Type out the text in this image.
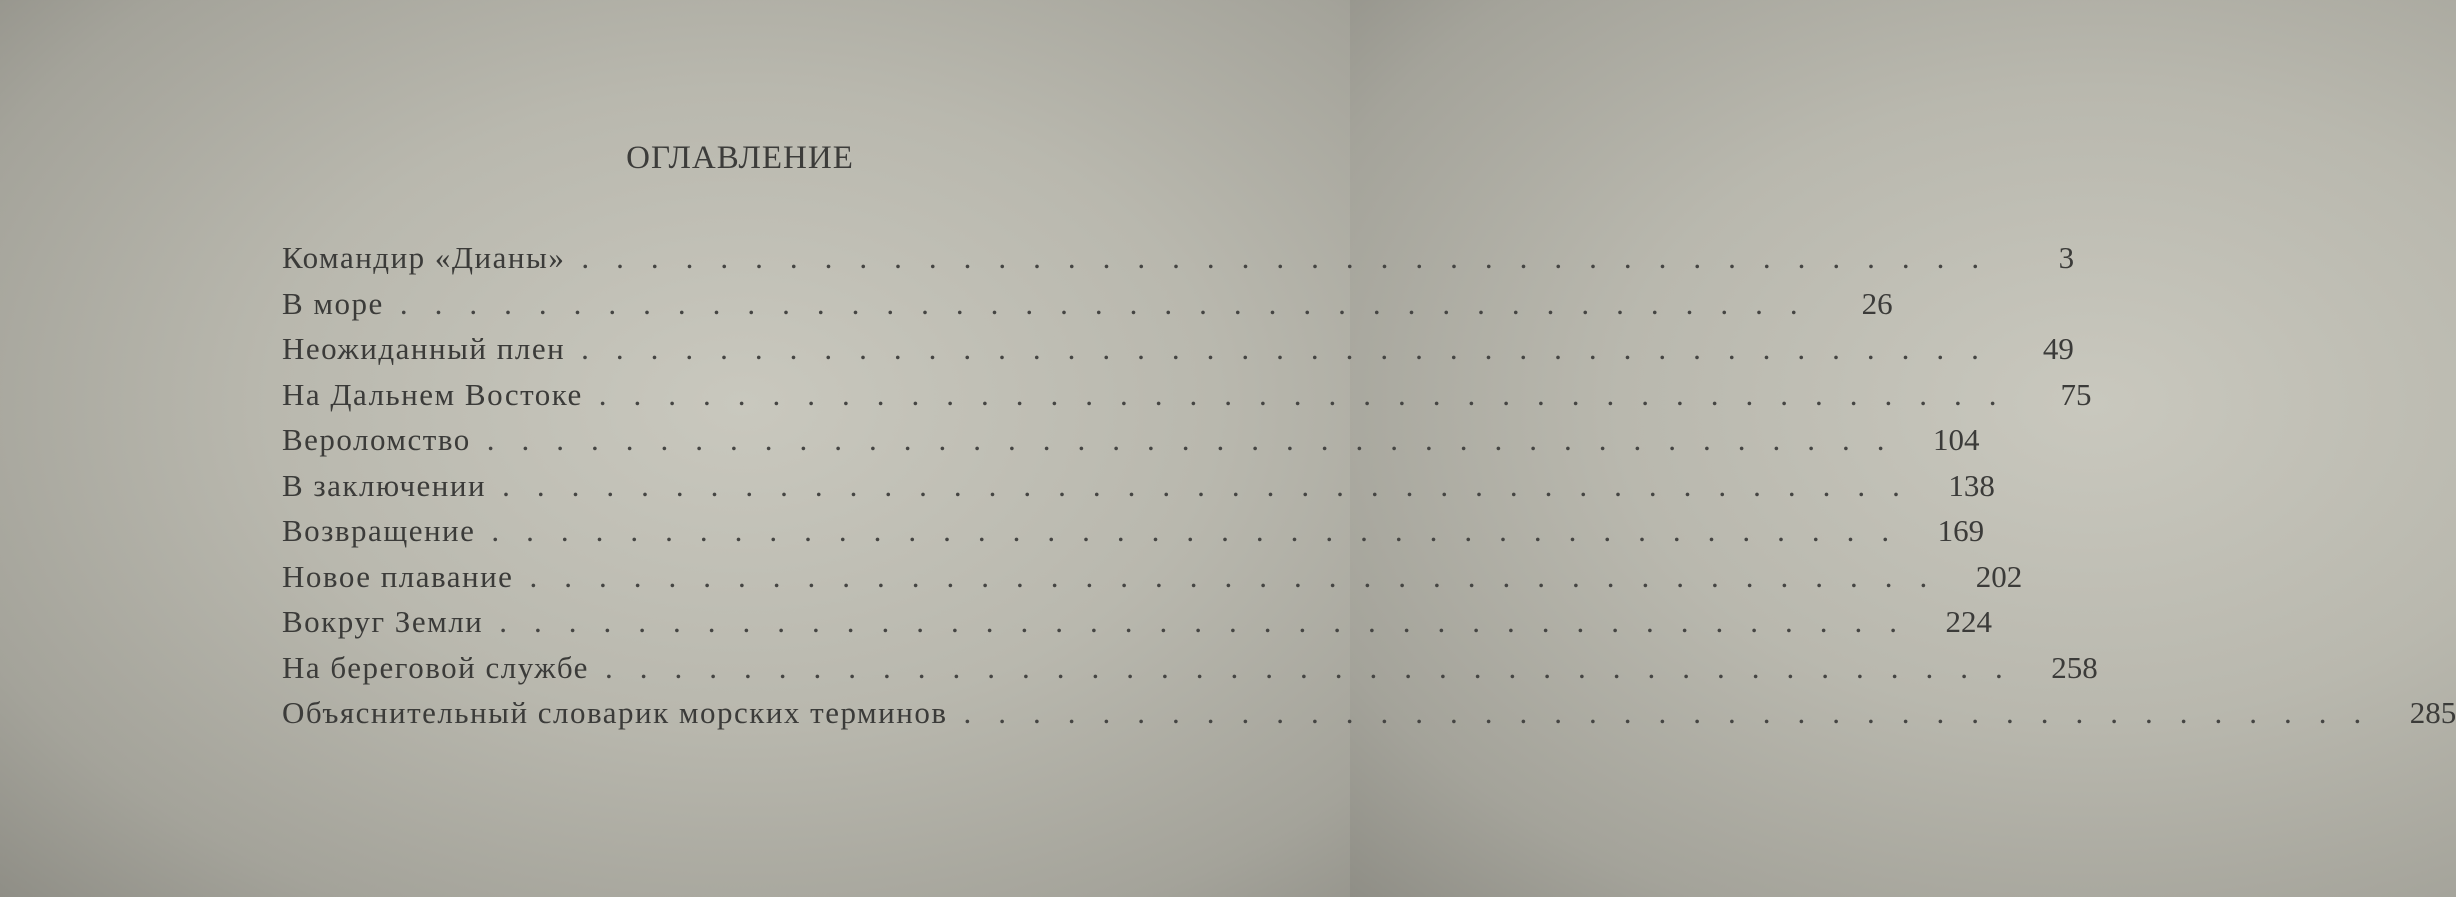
ОГЛАВЛЕНИЕ
Командир «Дианы» .........................................	3
В море .........................................	26
Неожиданный плен .........................................	49
На Дальнем Востоке .........................................	75
Вероломство ......................................... 104
В заключении ......................................... 138
Возвращение ......................................... 169
Новое плавание ......................................... 202
Вокруг Земли ......................................... 224
На береговой службе ......................................... 258
Объяснительный словарик морских терминов ......................................... 285
